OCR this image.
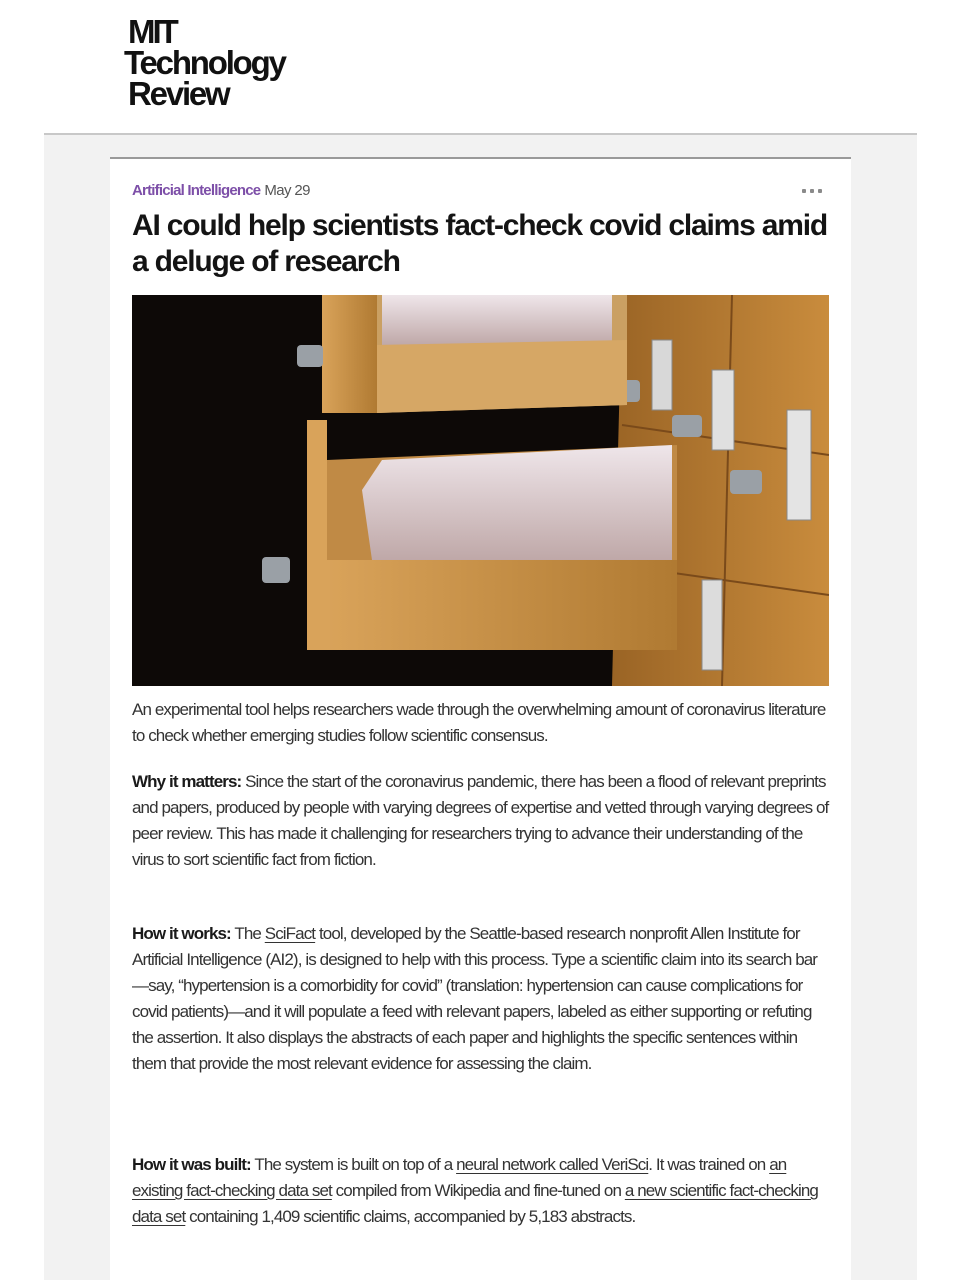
MIT
Technology
Review
Artificial Intelligence May 29
AI could help scientists fact-check covid claims amid a deluge of research

An experimental tool helps researchers wade through the overwhelming amount of coronavirus literature to check whether emerging studies follow scientific consensus.

Why it matters: Since the start of the coronavirus pandemic, there has been a flood of relevant preprints and papers, produced by people with varying degrees of expertise and vetted through varying degrees of peer review. This has made it challenging for researchers trying to advance their understanding of the virus to sort scientific fact from fiction.

How it works: The SciFact tool, developed by the Seattle-based research nonprofit Allen Institute for Artificial Intelligence (AI2), is designed to help with this process. Type a scientific claim into its search bar—say, “hypertension is a comorbidity for covid” (translation: hypertension can cause complications for covid patients)—and it will populate a feed with relevant papers, labeled as either supporting or refuting the assertion. It also displays the abstracts of each paper and highlights the specific sentences within them that provide the most relevant evidence for assessing the claim.

How it was built: The system is built on top of a neural network called VeriSci. It was trained on an existing fact-checking data set compiled from Wikipedia and fine-tuned on a new scientific fact-checking data set containing 1,409 scientific claims, accompanied by 5,183 abstracts.
